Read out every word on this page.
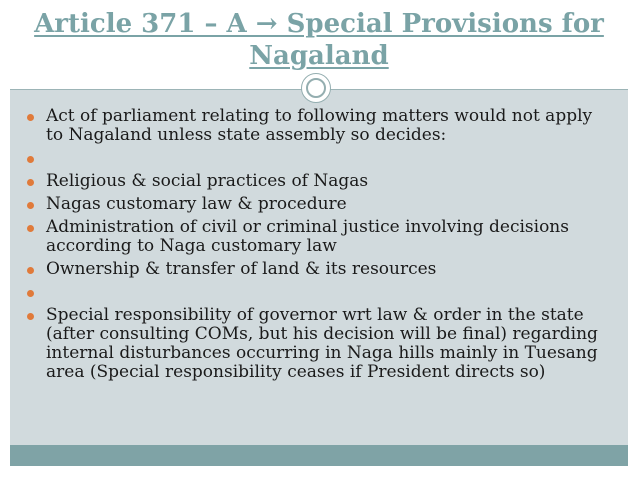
Article 371 – A → Special Provisions for Nagaland
Act of parliament relating to following matters would not apply to Nagaland unless state assembly so decides:
Religious & social practices of Nagas
Nagas customary law & procedure
Administration of civil or criminal justice involving decisions according to Naga customary law
Ownership & transfer of land & its resources
Special responsibility of governor wrt law & order in the state (after consulting COMs, but his decision will be final) regarding internal disturbances occurring in Naga hills mainly in Tuesang area (Special responsibility ceases if President directs so)
